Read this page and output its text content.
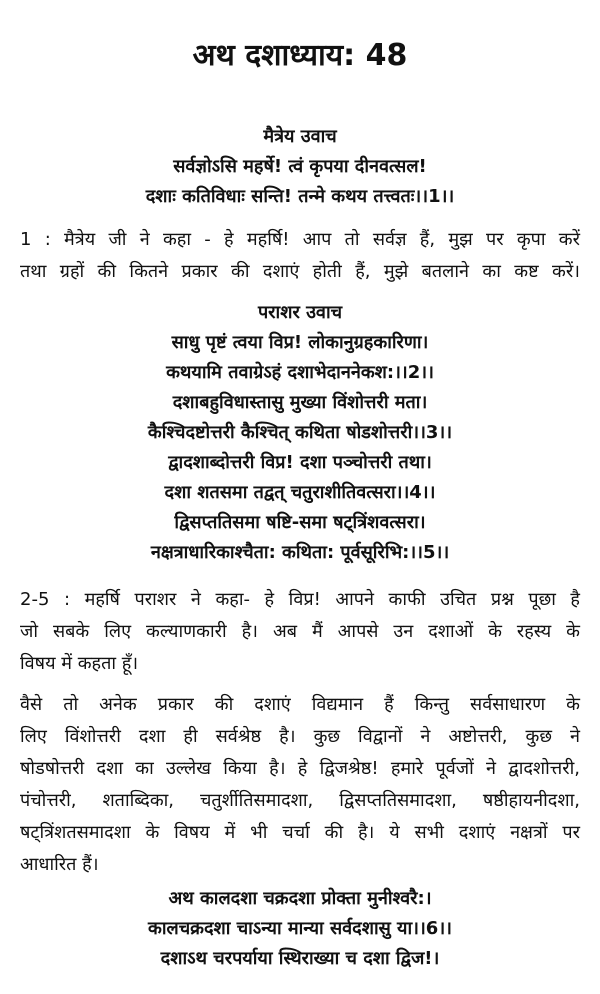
अथ दशाध्याय: 48
मैत्रेय उवाच
सर्वज्ञोऽसि महर्षे! त्वं कृपया दीनवत्सल!
दशाः कतिविधाः सन्ति! तन्मे कथय तत्त्वतः।।1।।
1 : मैत्रेय जी ने कहा - हे महर्षि! आप तो सर्वज्ञ हैं, मुझ पर कृपा करें
तथा ग्रहों की कितने प्रकार की दशाएं होती हैं, मुझे बतलाने का कष्ट करें।
पराशर उवाच
साधु पृष्टं त्वया विप्र! लोकानुग्रहकारिणा।
कथयामि तवाग्रेऽहं दशाभेदाननेकश:।।2।।
दशाबहुविधास्तासु मुख्या विंशोत्तरी मता।
कैश्चिदष्टोत्तरी कैश्चित् कथिता षोडशोत्तरी।।3।।
द्वादशाब्दोत्तरी विप्र! दशा पञ्चोत्तरी तथा।
दशा शतसमा तद्वत् चतुराशीतिवत्सरा।।4।।
द्विसप्ततिसमा षष्टि-समा षट्त्रिंशवत्सरा।
नक्षत्राधारिकाश्चैता: कथिता: पूर्वसूरिभि:।।5।।
2-5 : महर्षि पराशर ने कहा- हे विप्र! आपने काफी उचित प्रश्न पूछा है
जो सबके लिए कल्याणकारी है। अब मैं आपसे उन दशाओं के रहस्य के
विषय में कहता हूँ।
वैसे तो अनेक प्रकार की दशाएं विद्यमान हैं किन्तु सर्वसाधारण के
लिए विंशोत्तरी दशा ही सर्वश्रेष्ठ है। कुछ विद्वानों ने अष्टोत्तरी, कुछ ने
षोडषोत्तरी दशा का उल्लेख किया है। हे द्विजश्रेष्ठ! हमारे पूर्वजों ने द्वादशोत्तरी,
पंचोत्तरी, शताब्दिका, चतुर्शीतिसमादशा, द्विसप्ततिसमादशा, षष्ठीहायनीदशा,
षट्त्रिंशतसमादशा के विषय में भी चर्चा की है। ये सभी दशाएं नक्षत्रों पर
आधारित हैं।
अथ कालदशा चक्रदशा प्रोक्ता मुनीश्वरै:।
कालचक्रदशा चाऽन्या मान्या सर्वदशासु या।।6।।
दशाऽथ चरपर्याया स्थिराख्या च दशा द्विज!।
